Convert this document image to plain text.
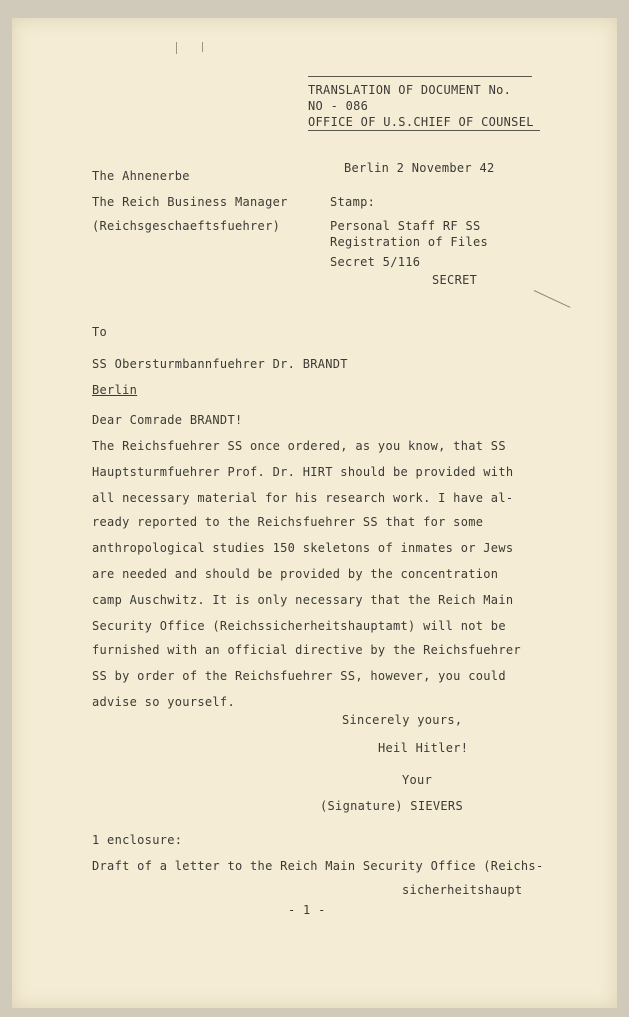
TRANSLATION OF DOCUMENT No.
NO - 086
OFFICE OF U.S.CHIEF OF COUNSEL
The Ahnenerbe
The Reich Business Manager
(Reichsgeschaeftsfuehrer)
Berlin 2 November 42
Stamp:
Personal Staff RF SS
Registration of Files
Secret 5/116
SECRET
To
SS Obersturmbannfuehrer Dr. BRANDT
Berlin
Dear Comrade BRANDT!
The Reichsfuehrer SS once ordered, as you know, that SS
Hauptsturmfuehrer Prof. Dr. HIRT should be provided with
all necessary material for his research work. I have al-
ready reported to the Reichsfuehrer SS that for some
anthropological studies 150 skeletons of inmates or Jews
are needed and should be provided by the concentration
camp Auschwitz. It is only necessary that the Reich Main
Security Office (Reichssicherheitshauptamt) will not be
furnished with an official directive by the Reichsfuehrer
SS by order of the Reichsfuehrer SS, however, you could
advise so yourself.
Sincerely yours,
Heil Hitler!
Your
(Signature) SIEVERS
1 enclosure:
Draft of a letter to the Reich Main Security Office (Reichs-
sicherheitshaupt
- 1 -
